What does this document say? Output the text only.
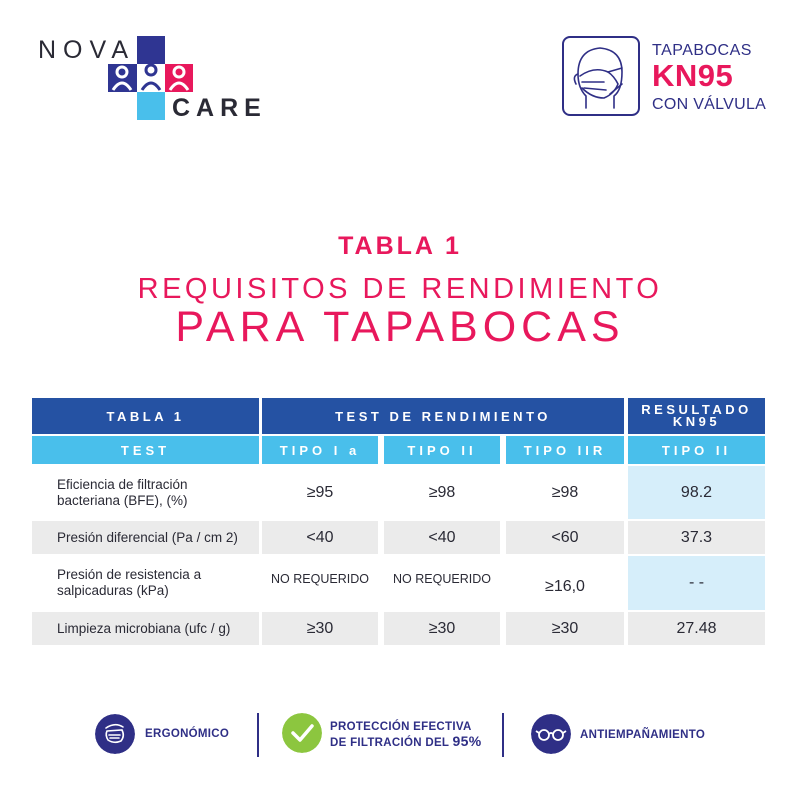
NOVA
CARE
TAPABOCAS
KN95
CON VÁLVULA
TABLA 1
REQUISITOS DE RENDIMIENTO
PARA TAPABOCAS
TABLA 1	TEST DE RENDIMIENTO	RESULTADO
KN95
TEST	TIPO I a	TIPO II	TIPO IIR	TIPO II
Eficiencia de filtración
bacteriana (BFE), (%)	≥95	≥98	≥98	98.2
Presión diferencial (Pa / cm 2)	<40	<40	<60	37.3
Presión de resistencia a
salpicaduras (kPa)
NO REQUERIDO	NO REQUERIDO	≥16,0	- -
Limpieza microbiana (ufc / g)	≥30	≥30	≥30	27.48
ERGONÓMICO
PROTECCIÓN EFECTIVA
DE FILTRACIÓN DEL 95%	ANTIEMPAÑAMIENTO
